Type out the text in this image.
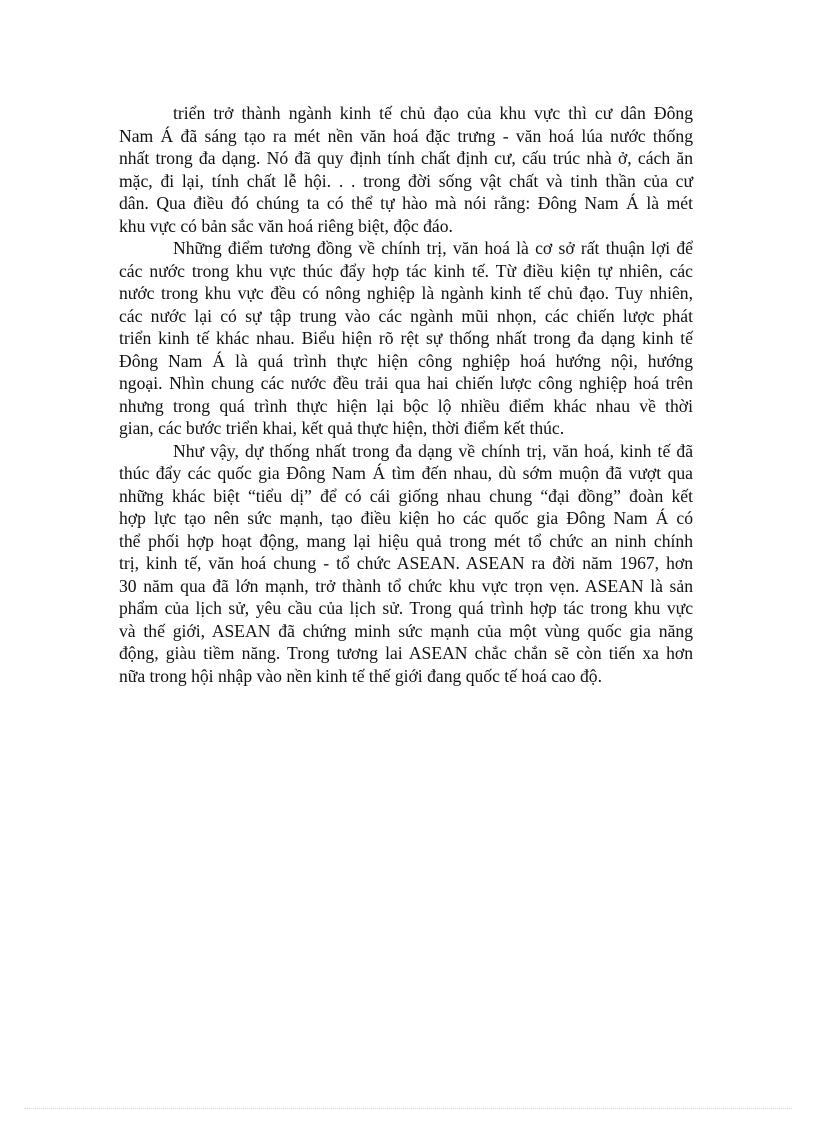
triển trở thành ngành kinh tế chủ đạo của khu vực thì cư dân Đông
Nam Á đã sáng tạo ra mét nền văn hoá đặc trưng - văn hoá lúa nước thống
nhất trong đa dạng. Nó đã quy định tính chất định cư, cấu trúc nhà ở, cách ăn
mặc, đi lại, tính chất lễ hội. . . trong đời sống vật chất và tinh thần của cư
dân. Qua điều đó chúng ta có thể tự hào mà nói rằng: Đông Nam Á là mét
khu vực có bản sắc văn hoá riêng biệt, độc đáo.
Những điểm tương đồng về chính trị, văn hoá là cơ sở rất thuận lợi để
các nước trong khu vực thúc đẩy hợp tác kinh tế. Từ điều kiện tự nhiên, các
nước trong khu vực đều có nông nghiệp là ngành kinh tế chủ đạo. Tuy nhiên,
các nước lại có sự tập trung vào các ngành mũi nhọn, các chiến lược phát
triển kinh tế khác nhau. Biểu hiện rõ rệt sự thống nhất trong đa dạng kinh tế
Đông Nam Á là quá trình thực hiện công nghiệp hoá hướng nội, hướng
ngoại. Nhìn chung các nước đều trải qua hai chiến lược công nghiệp hoá trên
nhưng trong quá trình thực hiện lại bộc lộ nhiều điểm khác nhau về thời
gian, các bước triển khai, kết quả thực hiện, thời điểm kết thúc.
Như vậy, dự thống nhất trong đa dạng về chính trị, văn hoá, kinh tế đã
thúc đẩy các quốc gia Đông Nam Á tìm đến nhau, dù sớm muộn đã vượt qua
những khác biệt “tiểu dị” để có cái giống nhau chung “đại đồng” đoàn kết
hợp lực tạo nên sức mạnh, tạo điều kiện ho các quốc gia Đông Nam Á có
thể phối hợp hoạt động, mang lại hiệu quả trong mét tổ chức an ninh chính
trị, kinh tế, văn hoá chung - tổ chức ASEAN. ASEAN ra đời năm 1967, hơn
30 năm qua đã lớn mạnh, trở thành tổ chức khu vực trọn vẹn. ASEAN là sản
phẩm của lịch sử, yêu cầu của lịch sử. Trong quá trình hợp tác trong khu vực
và thế giới, ASEAN đã chứng minh sức mạnh của một vùng quốc gia năng
động, giàu tiềm năng. Trong tương lai ASEAN chắc chắn sẽ còn tiến xa hơn
nữa trong hội nhập vào nền kinh tế thế giới đang quốc tế hoá cao độ.
